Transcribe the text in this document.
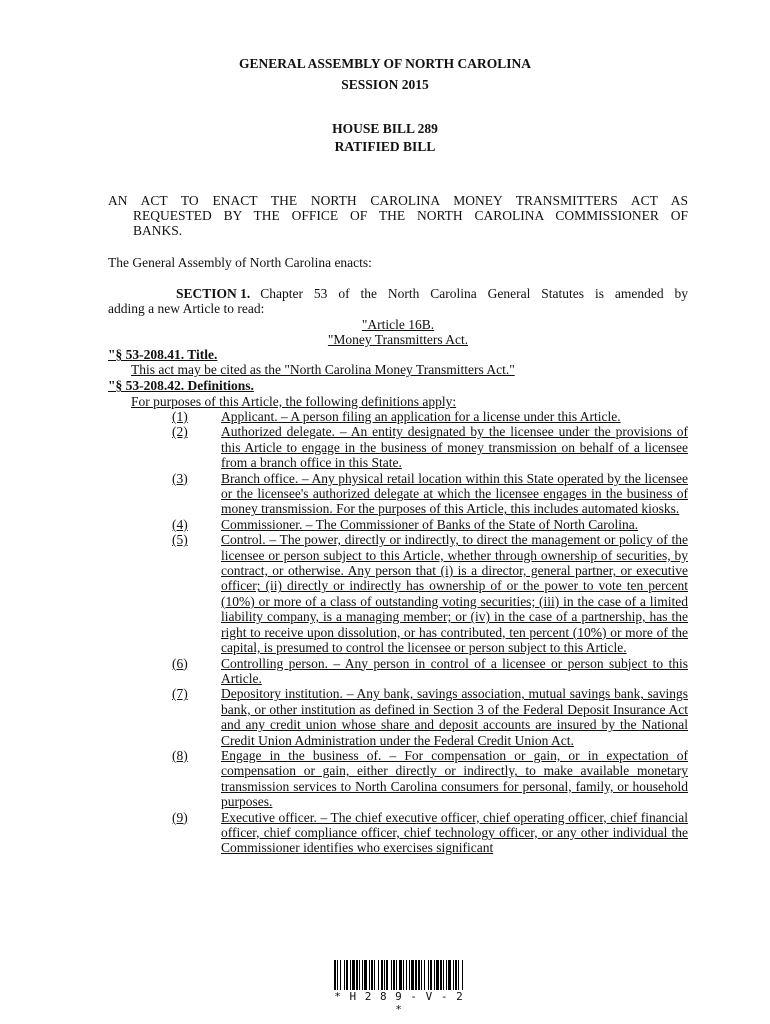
GENERAL ASSEMBLY OF NORTH CAROLINA
SESSION 2015
HOUSE BILL 289
RATIFIED BILL
AN ACT TO ENACT THE NORTH CAROLINA MONEY TRANSMITTERS ACT AS
REQUESTED BY THE OFFICE OF THE NORTH CAROLINA COMMISSIONER OF
BANKS.
The General Assembly of North Carolina enacts:
SECTION 1. Chapter 53 of the North Carolina General Statutes is amended by
adding a new Article to read:
"Article 16B.
"Money Transmitters Act.
"§ 53-208.41. Title.
This act may be cited as the "North Carolina Money Transmitters Act."
"§ 53-208.42. Definitions.
For purposes of this Article, the following definitions apply:
(1)	Applicant. – A person filing an application for a license under this Article.
(2)	Authorized delegate. – An entity designated by the licensee under the provisions of this Article to engage in the business of money transmission on behalf of a licensee from a branch office in this State.
(3)	Branch office. – Any physical retail location within this State operated by the licensee or the licensee's authorized delegate at which the licensee engages in the business of money transmission. For the purposes of this Article, this includes automated kiosks.
(4)	Commissioner. – The Commissioner of Banks of the State of North Carolina.
(5)	Control. – The power, directly or indirectly, to direct the management or policy of the licensee or person subject to this Article, whether through ownership of securities, by contract, or otherwise. Any person that (i) is a director, general partner, or executive officer; (ii) directly or indirectly has ownership of or the power to vote ten percent (10%) or more of a class of outstanding voting securities; (iii) in the case of a limited liability company, is a managing member; or (iv) in the case of a partnership, has the right to receive upon dissolution, or has contributed, ten percent (10%) or more of the capital, is presumed to control the licensee or person subject to this Article.
(6)	Controlling person. – Any person in control of a licensee or person subject to this Article.
(7)	Depository institution. – Any bank, savings association, mutual savings bank, savings bank, or other institution as defined in Section 3 of the Federal Deposit Insurance Act and any credit union whose share and deposit accounts are insured by the National Credit Union Administration under the Federal Credit Union Act.
(8)	Engage in the business of. – For compensation or gain, or in expectation of compensation or gain, either directly or indirectly, to make available monetary transmission services to North Carolina consumers for personal, family, or household purposes.
(9)	Executive officer. – The chief executive officer, chief operating officer, chief financial officer, chief compliance officer, chief technology officer, or any other individual the Commissioner identifies who exercises significant
* H 2 8 9 - V - 2 *
